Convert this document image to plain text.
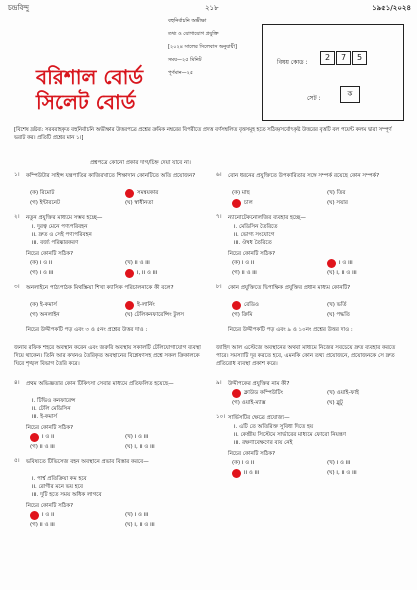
চন্দ্রবিন্দু	২১৮	১৯৫১/২০২৪
বরিশাল বোর্ড
সিলেট বোর্ড
বহুনির্বাচনি অভীক্ষা
তথ্য ও যোগাযোগ প্রযুক্তি
[২০২৪ সালের সিলেবাস অনুযায়ী]
সময়—২৫ মিনিট
পূর্ণমান—২৫
বিষয় কোড :
2	7	5
সেট :
ক
[বিশেষ দ্রষ্টব্য: সরবরাহকৃত বহুনির্বাচনি অভীক্ষার উত্তরপত্রে প্রশ্নের ক্রমিক নম্বরের বিপরীতে প্রদত্ত বর্ণসম্বলিত বৃত্তসমূহ হতে সঠিক/সর্বোৎকৃষ্ট উত্তরের বৃত্তটি বল পয়েন্ট কলম দ্বারা সম্পূর্ণ ভরাট কর। প্রতিটি প্রশ্নের মান ১।]
প্রশ্নপত্রে কোনো প্রকার দাগ/চিহ্ন দেয়া যাবে না।
১। কম্পিউটার সাইন্স যন্ত্রপাতির কাজিরখাতে শিক্ষাদান কোনটিতে অতি প্রয়োজন?
(ক) রিমোট	সমন্বয়কার
(গ) ইন্টারনেট	(ঘ) স্বাধীনতা
২। নতুন প্রযুক্তির মাধ্যমে সম্ভব হচ্ছে—
i. দুরত্ব মেনে পণ্যপরিবহন
ii. দ্রুত ও সেই পণ্যপরিবহন
iii. বর্জ্য পরিষ্কারকরণ
নিচের কোনটি সঠিক?
(ক) i ও ii	(খ) ii ও iii
(গ) i ও iii	i, ii ও iii
৩। অনলাইনে পাঠ্যপাঠক মিথস্ক্রিয়া শিখা ক্যাসিক পরিচালনাকে কী বলে?
(ক) ই-কমার্স	ই-লার্নিং
(গ) অনলাইন	(ঘ) টেলিকনফারেন্সিং টুলস
নিচের উদ্দীপকটি পড় এবং ৩ ও ৫নং প্রশ্নের উত্তর দাও :
জনাব রফিক শহরে অবস্থান করেন এবং জরুরি অবস্থায় সকালটি টেলিযোগাযোগ ব্যবস্থা দিয়ে থাকেন। তিনি আর কখনও তৈরিকৃত অবস্থানের বিশ্লেষণসহ প্রশ্নে সকল ক্রিকালকে ঘিরে শৃঙ্খল বিভাগ তৈরি করে।
৪। প্রথম অভিজ্ঞতার কোন টিকিৎসা সেবার মাধ্যমে প্রতিফলিত হয়েছে—
i. টিভিও কনফারেন্স
ii. টেলি মেডিসিন
iii. ই-কমার্স
নিচের কোনটি সঠিক?
i ও ii	(খ) i ও iii
(গ) ii ও iii	(ঘ) i, ii ও iii
৫। ভবিষ্যতে টিভিসেজ বহন অবস্থানে প্রভাব বিস্তার করবে—
i. পার্শ্ব প্রতিক্রিয়া কম হবে
ii. রোগীর মনে ভয় হবে
iii. দুটি হতে সময় অধিক লাগবে
নিচের কোনটি সঠিক?
i ও ii	(খ) i ও iii
(গ) ii ও iii	(ঘ) i, ii ও iii
৬। বোন ধরনের প্রযুক্তিতে উপকারিতার সঙ্গে সম্পর্ক রয়েছে কোন সম্পর্ক?
(ক) মাছ	(খ) তির
চাল	(ঘ) সয়ার
৭। ন্যানোটেকনোলজির ব্যবহার হচ্ছে—
i. মেডিসিন তৈরিতে
ii. ভোগ্য সংযোগে
iii. ঔষধ তৈরিতে
নিচের কোনটি সঠিক?
(ক) i ও ii	i ও iii
(গ) ii ও iii	(ঘ) i, ii ও iii
৮। কোন প্রযুক্তিতে দ্বিপাক্ষিক প্রযুক্তির প্রধান মাধ্যম কোনটি?
রেডিও	(খ) ভর্তি
(গ) ক্রিমি	(ঘ) পদ্ধতি
নিচের উদ্দীপকটি পড় এবং ৯ ও ১০নং প্রশ্নের উত্তর দাও :
জাহিদ আল এস্টেজে অবস্থানের অথবা মাধ্যমে নিজের সবচেয়ে দ্রুত ব্যবহার করতে পারে। সমস্যাটি দূর করতে হবে, এমনকি কোন তথ্য প্রয়োজনে, প্রয়োজনকে সে দ্রুত প্রতিরোধ ব্যবস্থা প্রকাশ করে।
৯। উদ্দীপকের প্রযুক্তির নাম কী?
ক্লাউড কম্পিউটিং	(খ) ওয়াই-ফাই
(গ) ওয়াই-ম্যাক্স	(ঘ) ব্লুটু
১০। সার্ভিসটির ক্ষেত্রে প্রযোজ্য—
i. এটি তে অতিরিক্ত সুবিধা দিতে হয়
ii. কেন্দ্রীয় সিস্টেমে সার্ভারের মাধ্যমে ফোরো নিয়ন্ত্রণ
iii. রক্ষণাবেক্ষণের ব্যয় নেই
নিচের কোনটি সঠিক?
(ক) i ও ii	(খ) i ও iii
ii ও iii	(ঘ) i, ii ও iii
